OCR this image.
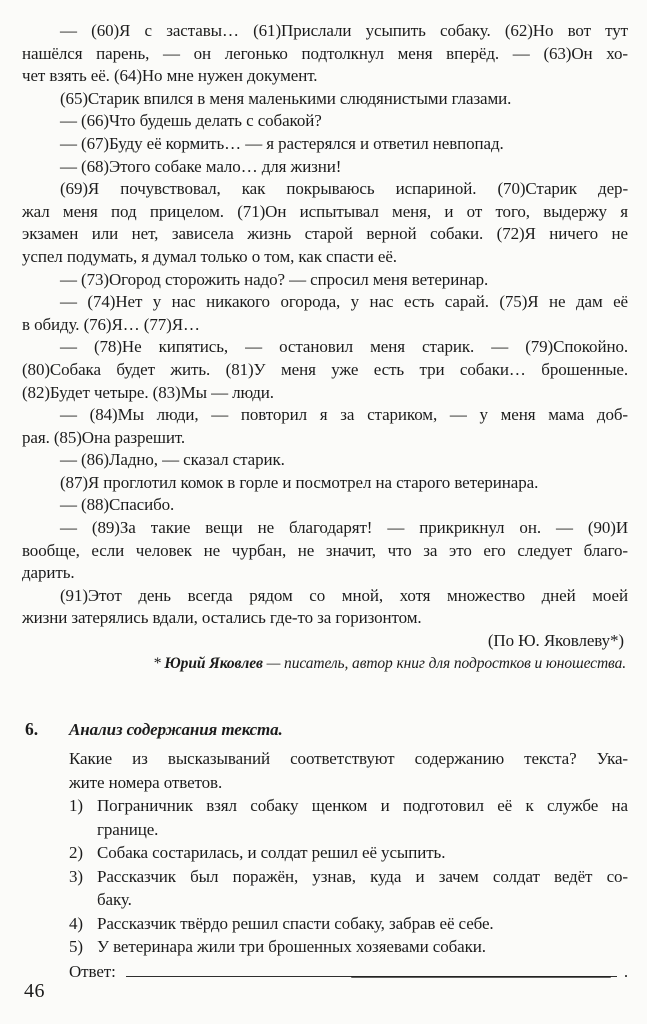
— (60)Я с заставы… (61)Прислали усыпить собаку. (62)Но вот тут
нашёлся парень, — он легонько подтолкнул меня вперёд. — (63)Он хо-
чет взять её. (64)Но мне нужен документ.

(65)Старик впился в меня маленькими слюдянистыми глазами.

— (66)Что будешь делать с собакой?

— (67)Буду её кормить… — я растерялся и ответил невпопад.

— (68)Этого собаке мало… для жизни!

(69)Я почувствовал, как покрываюсь испариной. (70)Старик дер-
жал меня под прицелом. (71)Он испытывал меня, и от того, выдержу я
экзамен или нет, зависела жизнь старой верной собаки. (72)Я ничего не
успел подумать, я думал только о том, как спасти её.

— (73)Огород сторожить надо? — спросил меня ветеринар.

— (74)Нет у нас никакого огорода, у нас есть сарай. (75)Я не дам её
в обиду. (76)Я… (77)Я…

— (78)Не кипятись, — остановил меня старик. — (79)Спокойно.
(80)Собака будет жить. (81)У меня уже есть три собаки… брошенные.
(82)Будет четыре. (83)Мы — люди.

— (84)Мы люди, — повторил я за стариком, — у меня мама доб-
рая. (85)Она разрешит.

— (86)Ладно, — сказал старик.

(87)Я проглотил комок в горле и посмотрел на старого ветеринара.

— (88)Спасибо.

— (89)За такие вещи не благодарят! — прикрикнул он. — (90)И
вообще, если человек не чурбан, не значит, что за это его следует благо-
дарить.

(91)Этот день всегда рядом со мной, хотя множество дней моей
жизни затерялись вдали, остались где-то за горизонтом.

(По Ю. Яковлеву*)
* Юрий Яковлев — писатель, автор книг для подростков и юношества.
6.	Анализ содержания текста.
Какие из высказываний соответствуют содержанию текста? Ука-
жите номера ответов.
1) Пограничник взял собаку щенком и подготовил её к службе на
границе.
2) Собака состарилась, и солдат решил её усыпить.
3) Рассказчик был поражён, узнав, куда и зачем солдат ведёт со-
баку.
4) Рассказчик твёрдо решил спасти собаку, забрав её себе.
5) У ветеринара жили три брошенных хозяевами собаки.
Ответ:	.
46
